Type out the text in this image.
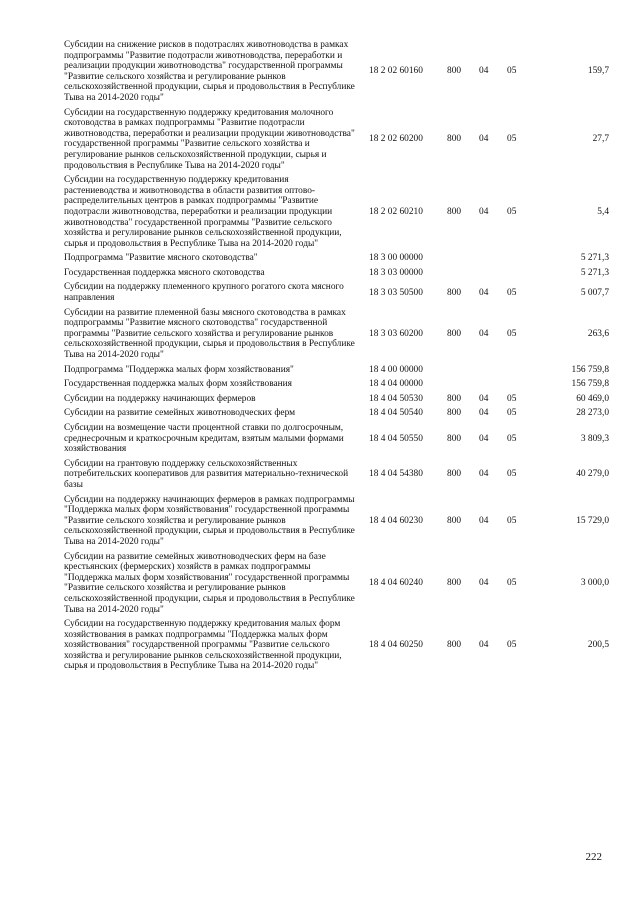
Субсидии на снижение рисков в подотраслях животноводства в рамках подпрограммы "Развитие подотрасли животноводства, переработки и реализации продукции животноводства" государственной программы "Развитие сельского хозяйства и регулирование рынков сельскохозяйственной продукции, сырья и продовольствия в Республике Тыва на 2014-2020 годы"	18 2 02 60160	800	04	05	159,7
Субсидии на государственную поддержку кредитования молочного скотоводства в рамках подпрограммы "Развитие подотрасли животноводства, переработки и реализации продукции животноводства" государственной программы "Развитие сельского хозяйства и регулирование рынков сельскохозяйственной продукции, сырья и продовольствия в Республике Тыва на 2014-2020 годы"	18 2 02 60200	800	04	05	27,7
Субсидии на государственную поддержку кредитования растениеводства и животноводства в области развития оптово-распределительных центров в рамках подпрограммы "Развитие подотрасли животноводства, переработки и реализации продукции животноводства" государственной программы "Развитие сельского хозяйства и регулирование рынков сельскохозяйственной продукции, сырья и продовольствия в Республике Тыва на 2014-2020 годы"	18 2 02 60210	800	04	05	5,4
Подпрограмма "Развитие мясного скотоводства"	18 3 00 00000				5 271,3
Государственная поддержка мясного скотоводства	18 3 03 00000				5 271,3
Субсидии на поддержку племенного крупного рогатого скота мясного направления	18 3 03 50500	800	04	05	5 007,7
Субсидии на развитие племенной базы мясного скотоводства в рамках подпрограммы "Развитие мясного скотоводства" государственной программы "Развитие сельского хозяйства и регулирование рынков сельскохозяйственной продукции, сырья и продовольствия в Республике Тыва на 2014-2020 годы"	18 3 03 60200	800	04	05	263,6
Подпрограмма "Поддержка малых форм хозяйствования"	18 4 00 00000				156 759,8
Государственная поддержка малых форм хозяйствования	18 4 04 00000				156 759,8
Субсидии на поддержку начинающих фермеров	18 4 04 50530	800	04	05	60 469,0
Субсидии на развитие семейных животноводческих ферм	18 4 04 50540	800	04	05	28 273,0
Субсидии на возмещение части процентной ставки по долгосрочным, среднесрочным и краткосрочным кредитам, взятым малыми формами хозяйствования	18 4 04 50550	800	04	05	3 809,3
Субсидии на грантовую поддержку сельскохозяйственных потребительских кооперативов для развития материально-технической базы	18 4 04 54380	800	04	05	40 279,0
Субсидии на поддержку начинающих фермеров в рамках подпрограммы "Поддержка малых форм хозяйствования" государственной программы "Развитие сельского хозяйства и регулирование рынков сельскохозяйственной продукции, сырья и продовольствия в Республике Тыва на 2014-2020 годы"	18 4 04 60230	800	04	05	15 729,0
Субсидии на развитие семейных животноводческих ферм на базе крестьянских (фермерских) хозяйств в рамках подпрограммы "Поддержка малых форм хозяйствования" государственной программы "Развитие сельского хозяйства и регулирование рынков сельскохозяйственной продукции, сырья и продовольствия в Республике Тыва на 2014-2020 годы"	18 4 04 60240	800	04	05	3 000,0
Субсидии на государственную поддержку кредитования малых форм хозяйствования в рамках подпрограммы "Поддержка малых форм хозяйствования" государственной программы "Развитие сельского хозяйства и регулирование рынков сельскохозяйственной продукции, сырья и продовольствия в Республике Тыва на 2014-2020 годы"	18 4 04 60250	800	04	05	200,5
222
